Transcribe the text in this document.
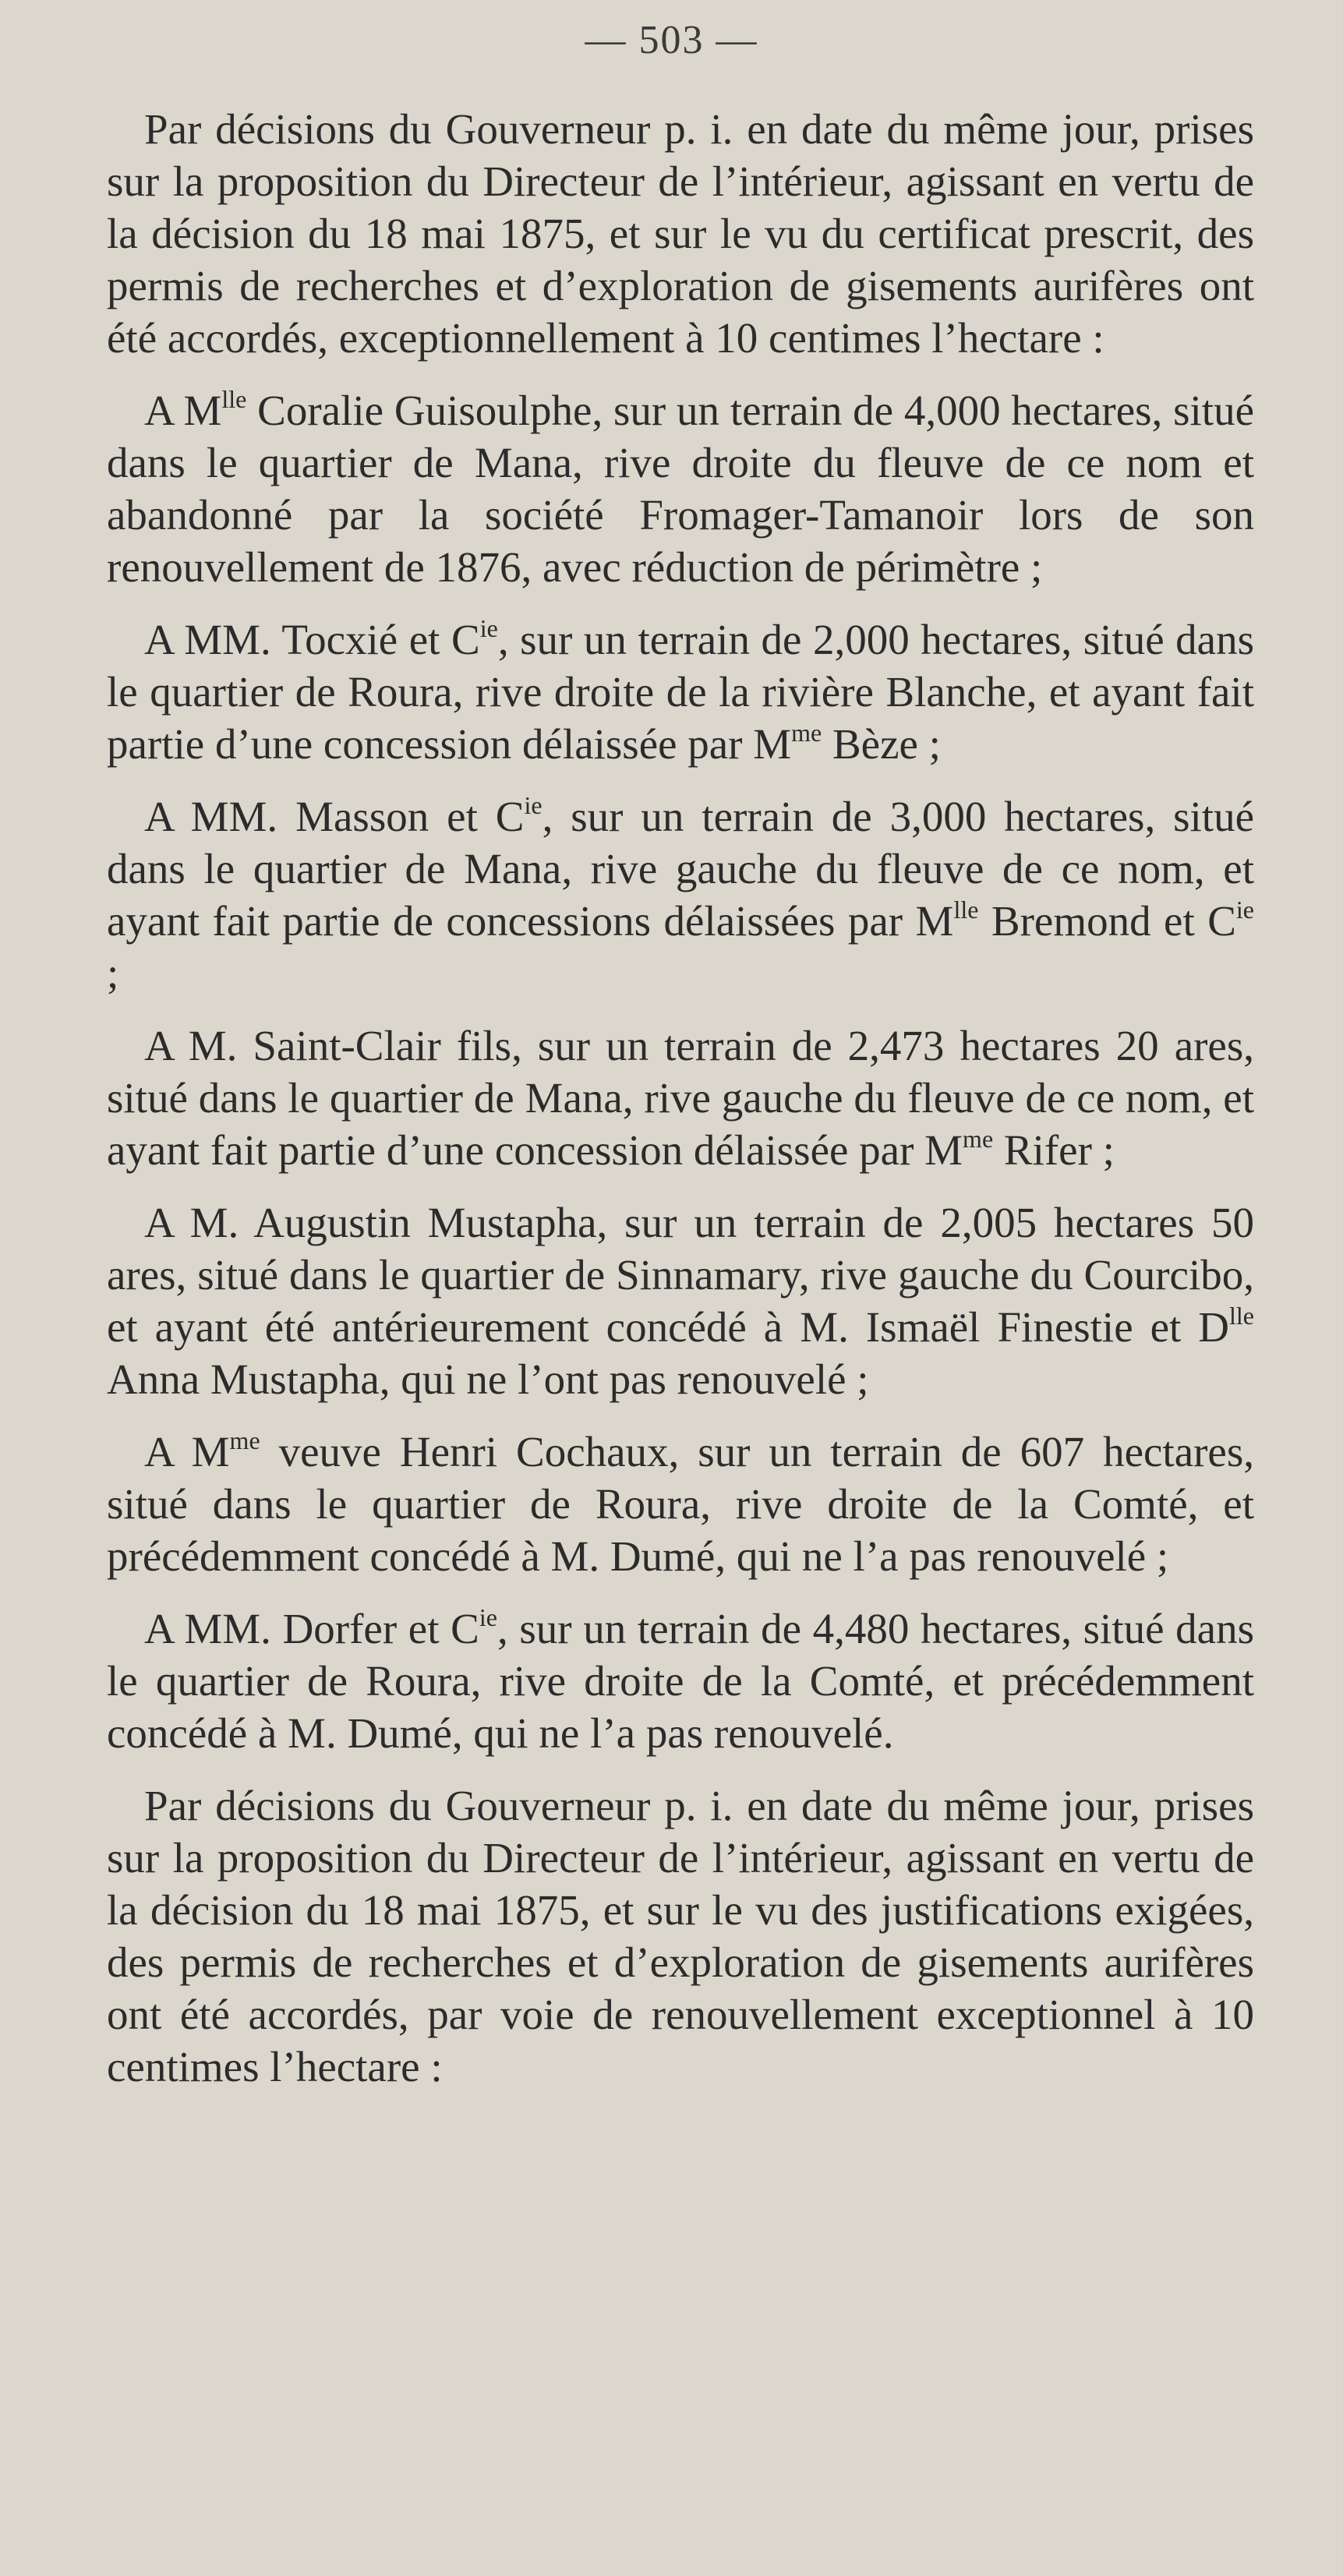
— 503 —

Par décisions du Gouverneur p. i. en date du même jour, prises sur la proposition du Directeur de l’intérieur, agissant en vertu de la décision du 18 mai 1875, et sur le vu du certificat prescrit, des permis de recherches et d’exploration de gisements aurifères ont été accordés, exceptionnellement à 10 centimes l’hectare :

A $M^{lle}$ Coralie Guisoulphe, sur un terrain de 4,000 hectares, situé dans le quartier de Mana, rive droite du fleuve de ce nom et abandonné par la société Fromager-Tamanoir lors de son renouvellement de 1876, avec réduction de périmètre ;

A MM. Tocxié et $C^{ie}$, sur un terrain de 2,000 hectares, situé dans le quartier de Roura, rive droite de la rivière Blanche, et ayant fait partie d’une concession délaissée par $M^{me}$ Bèze ;

A MM. Masson et $C^{ie}$, sur un terrain de 3,000 hectares, situé dans le quartier de Mana, rive gauche du fleuve de ce nom, et ayant fait partie de concessions délaissées par $M^{lle}$ Bremond et $C^{ie}$ ;

A M. Saint-Clair fils, sur un terrain de 2,473 hectares 20 ares, situé dans le quartier de Mana, rive gauche du fleuve de ce nom, et ayant fait partie d’une concession délaissée par $M^{me}$ Rifer ;

A M. Augustin Mustapha, sur un terrain de 2,005 hectares 50 ares, situé dans le quartier de Sinnamary, rive gauche du Courcibo, et ayant été antérieurement concédé à M. Ismaël Finestie et $D^{lle}$ Anna Mustapha, qui ne l’ont pas renouvelé ;

A $M^{me}$ veuve Henri Cochaux, sur un terrain de 607 hectares, situé dans le quartier de Roura, rive droite de la Comté, et précédemment concédé à M. Dumé, qui ne l’a pas renouvelé ;

A MM. Dorfer et $C^{ie}$, sur un terrain de 4,480 hectares, situé dans le quartier de Roura, rive droite de la Comté, et précédemment concédé à M. Dumé, qui ne l’a pas renouvelé.

Par décisions du Gouverneur p. i. en date du même jour, prises sur la proposition du Directeur de l’intérieur, agissant en vertu de la décision du 18 mai 1875, et sur le vu des justifications exigées, des permis de recherches et d’exploration de gisements aurifères ont été accordés, par voie de renouvellement exceptionnel à 10 centimes l’hectare :
